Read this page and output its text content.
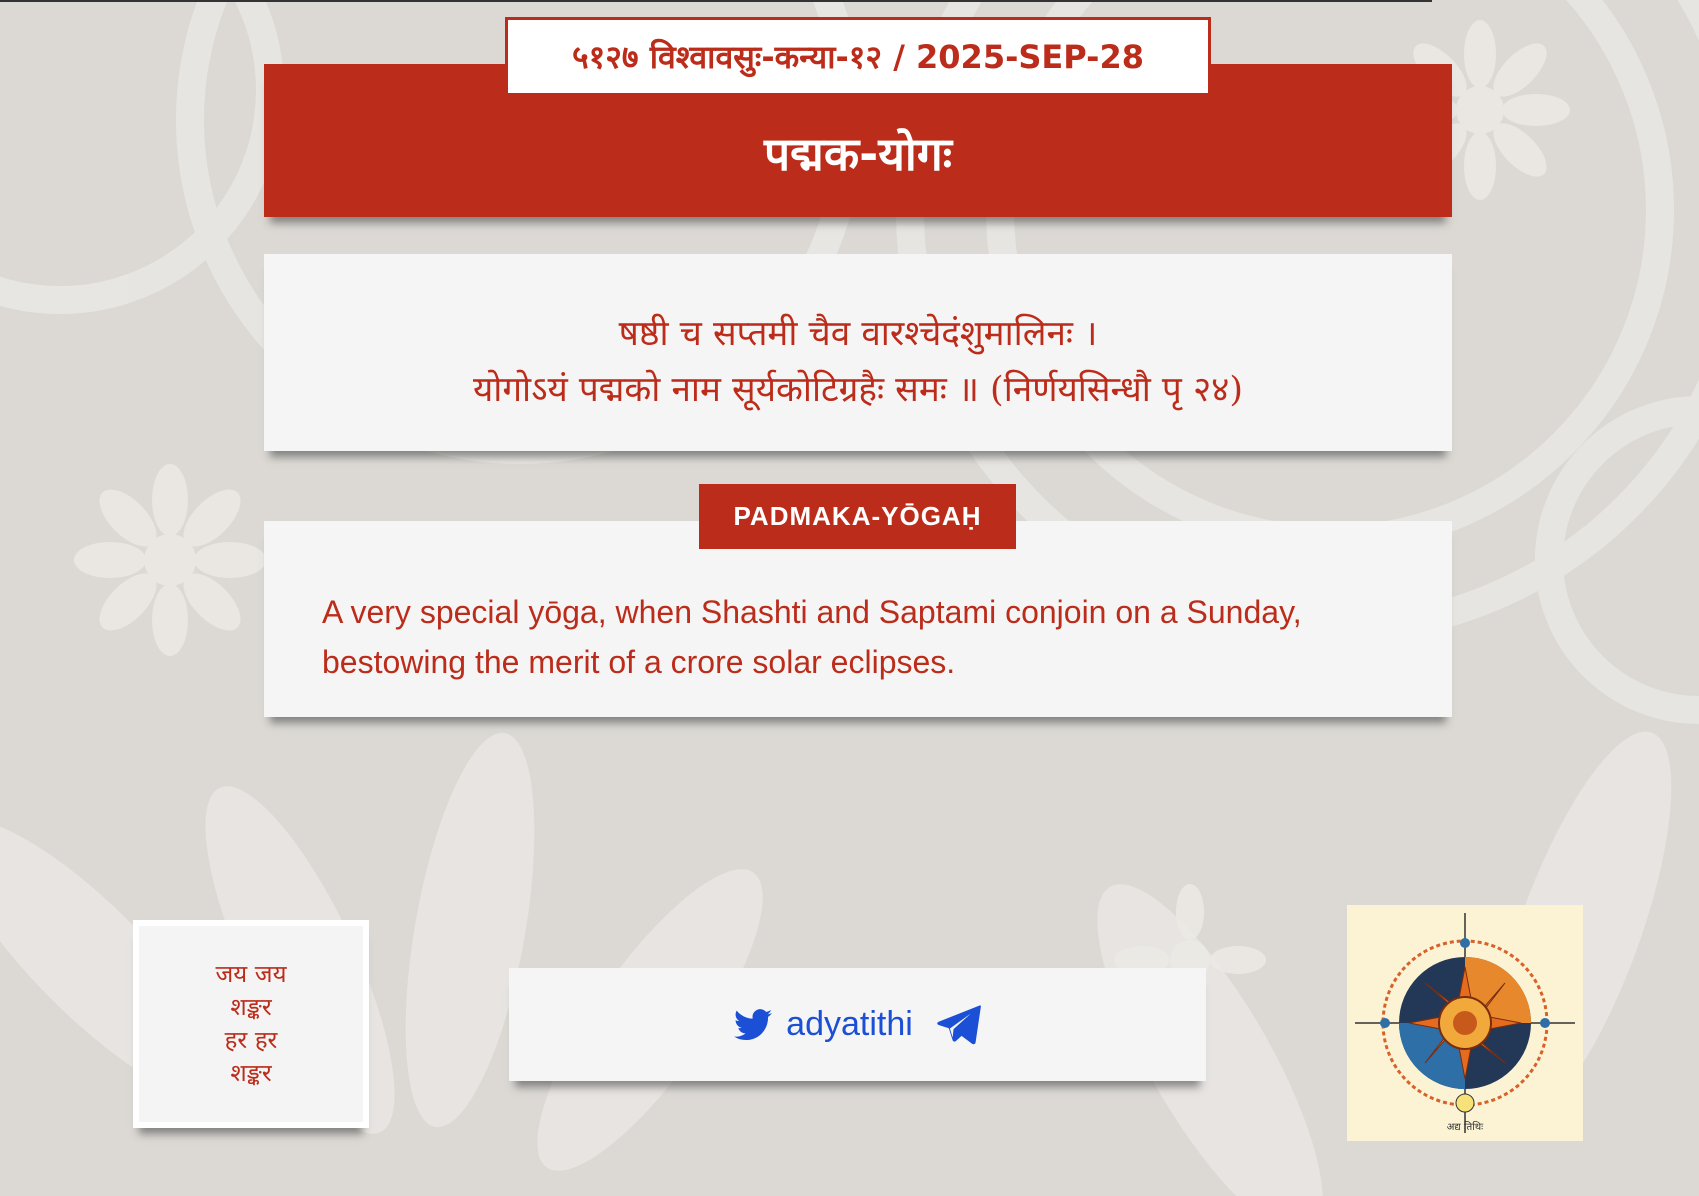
पद्मक-योगः
५१२७ विश्वावसुः-कन्या-१२ / 2025-SEP-28
षष्ठी च सप्तमी चैव वारश्चेदंशुमालिनः ।
योगोऽयं पद्मको नाम सूर्यकोटिग्रहैः समः ॥ (निर्णयसिन्धौ पृ २४)
A very special yōga, when Shashti and Saptami conjoin on a Sunday, bestowing the merit of a crore solar eclipses.
PADMAKA-YŌGAḤ
जय जय
शङ्कर
हर हर
शङ्कर
adyatithi
अद्य तिथिः
